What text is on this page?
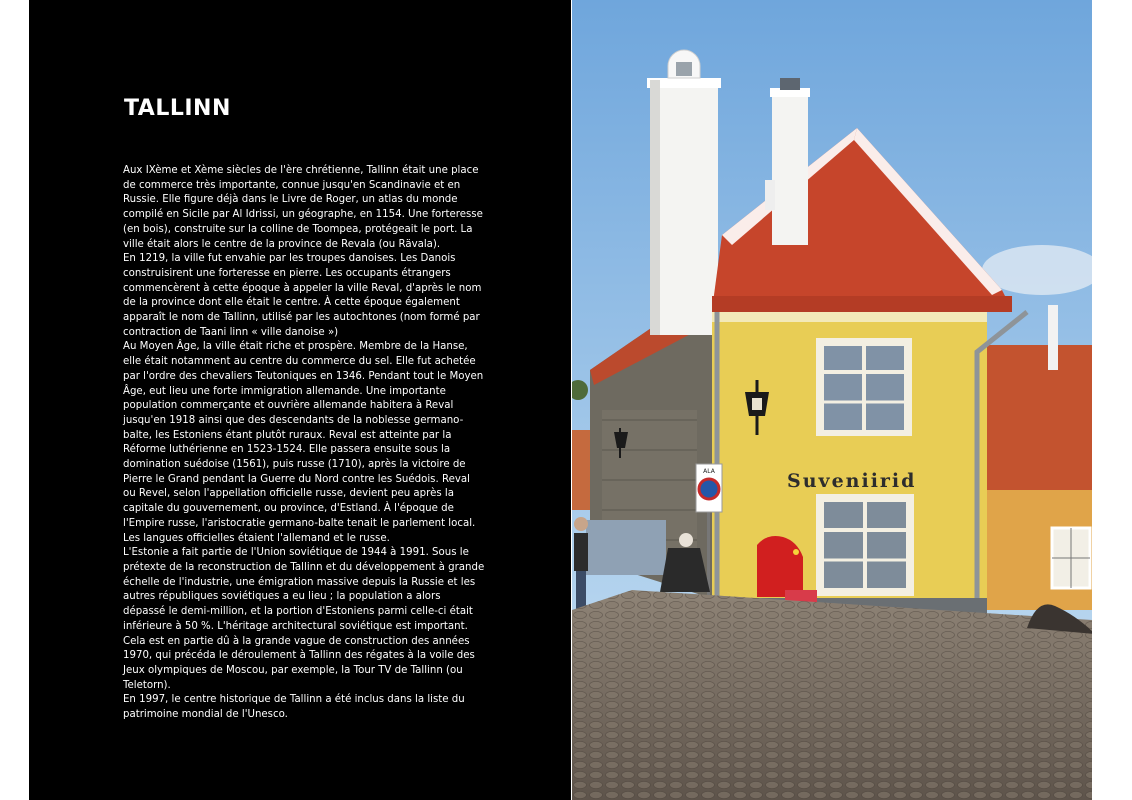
TALLINN

Aux IXème et Xème siècles de l'ère chrétienne, Tallinn était une place de commerce très importante, connue jusqu'en Scandinavie et en Russie. Elle figure déjà dans le Livre de Roger, un atlas du monde compilé en Sicile par Al Idrissi, un géographe, en 1154. Une forteresse (en bois), construite sur la colline de Toompea, protégeait le port. La ville était alors le centre de la province de Revala (ou Rävala).

En 1219, la ville fut envahie par les troupes danoises. Les Danois construisirent une forteresse en pierre. Les occupants étrangers commencèrent à cette époque à appeler la ville Reval, d'après le nom de la province dont elle était le centre. À cette époque également apparaît le nom de Tallinn, utilisé par les autochtones (nom formé par contraction de Taani linn « ville danoise »)

Au Moyen Âge, la ville était riche et prospère. Membre de la Hanse, elle était notamment au centre du commerce du sel. Elle fut achetée par l'ordre des chevaliers Teutoniques en 1346. Pendant tout le Moyen Âge, eut lieu une forte immigration allemande. Une importante population commerçante et ouvrière allemande habitera à Reval jusqu'en 1918 ainsi que des descendants de la noblesse germano-balte, les Estoniens étant plutôt ruraux. Reval est atteinte par la Réforme luthérienne en 1523-1524. Elle passera ensuite sous la domination suédoise (1561), puis russe (1710), après la victoire de Pierre le Grand pendant la Guerre du Nord contre les Suédois. Reval ou Revel, selon l'appellation officielle russe, devient peu après la capitale du gouvernement, ou province, d'Estland. À l'époque de l'Empire russe, l'aristocratie germano-balte tenait le parlement local. Les langues officielles étaient l'allemand et le russe.

L'Estonie a fait partie de l'Union soviétique de 1944 à 1991. Sous le prétexte de la reconstruction de Tallinn et du développement à grande échelle de l'industrie, une émigration massive depuis la Russie et les autres républiques soviétiques a eu lieu ; la population a alors dépassé le demi-million, et la portion d'Estoniens parmi celle-ci était inférieure à 50 %. L'héritage architectural soviétique est important. Cela est en partie dû à la grande vague de construction des années 1970, qui précéda le déroulement à Tallinn des régates à la voile des Jeux olympiques de Moscou, par exemple, la Tour TV de Tallinn (ou Teletorn).

En 1997, le centre historique de Tallinn a été inclus dans la liste du patrimoine mondial de l'Unesco.

Suveniirid
ALA
